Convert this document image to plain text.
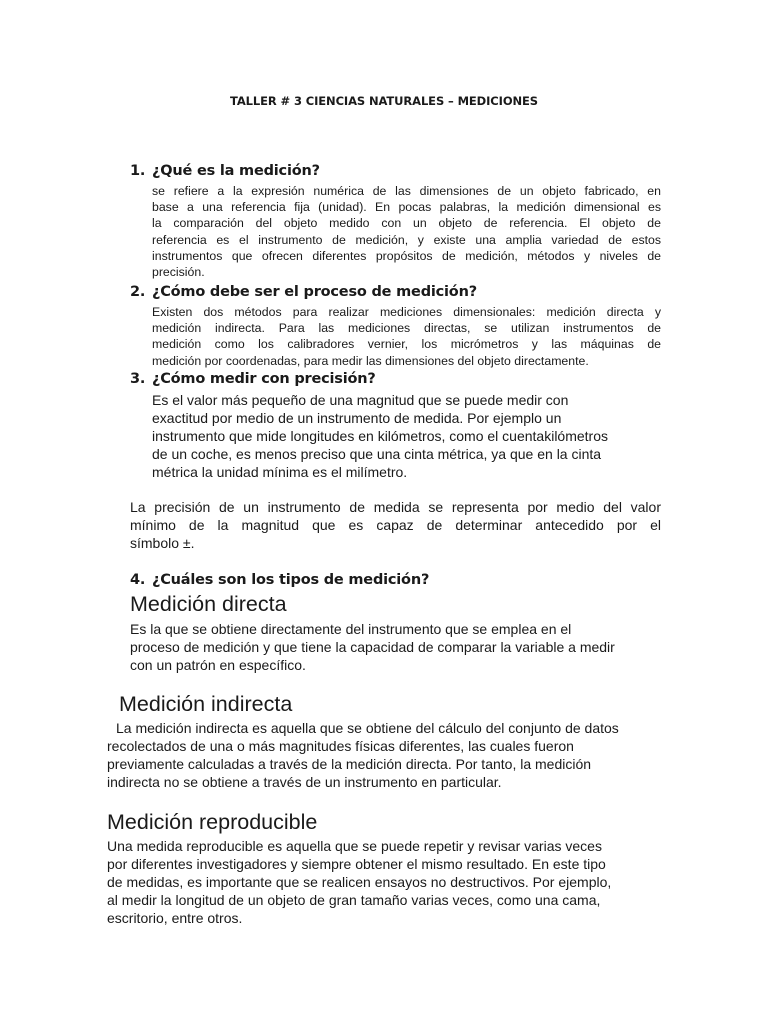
TALLER # 3 CIENCIAS NATURALES – MEDICIONES
1. ¿Qué es la medición?
se refiere a la expresión numérica de las dimensiones de un objeto fabricado, en
base a una referencia fija (unidad). En pocas palabras, la medición dimensional es
la comparación del objeto medido con un objeto de referencia. El objeto de
referencia es el instrumento de medición, y existe una amplia variedad de estos
instrumentos que ofrecen diferentes propósitos de medición, métodos y niveles de
precisión.
2. ¿Cómo debe ser el proceso de medición?
Existen dos métodos para realizar mediciones dimensionales: medición directa y
medición indirecta. Para las mediciones directas, se utilizan instrumentos de
medición como los calibradores vernier, los micrómetros y las máquinas de
medición por coordenadas, para medir las dimensiones del objeto directamente.
3. ¿Cómo medir con precisión?
Es el valor más pequeño de una magnitud que se puede medir con
exactitud por medio de un instrumento de medida. Por ejemplo un
instrumento que mide longitudes en kilómetros, como el cuentakilómetros
de un coche, es menos preciso que una cinta métrica, ya que en la cinta
métrica la unidad mínima es el milímetro.
La precisión de un instrumento de medida se representa por medio del valor
mínimo de la magnitud que es capaz de determinar antecedido por el
símbolo ±.
4. ¿Cuáles son los tipos de medición?
Medición directa
Es la que se obtiene directamente del instrumento que se emplea en el
proceso de medición y que tiene la capacidad de comparar la variable a medir
con un patrón en específico.
Medición indirecta
La medición indirecta es aquella que se obtiene del cálculo del conjunto de datos
recolectados de una o más magnitudes físicas diferentes, las cuales fueron
previamente calculadas a través de la medición directa. Por tanto, la medición
indirecta no se obtiene a través de un instrumento en particular.
Medición reproducible
Una medida reproducible es aquella que se puede repetir y revisar varias veces
por diferentes investigadores y siempre obtener el mismo resultado. En este tipo
de medidas, es importante que se realicen ensayos no destructivos. Por ejemplo,
al medir la longitud de un objeto de gran tamaño varias veces, como una cama,
escritorio, entre otros.
